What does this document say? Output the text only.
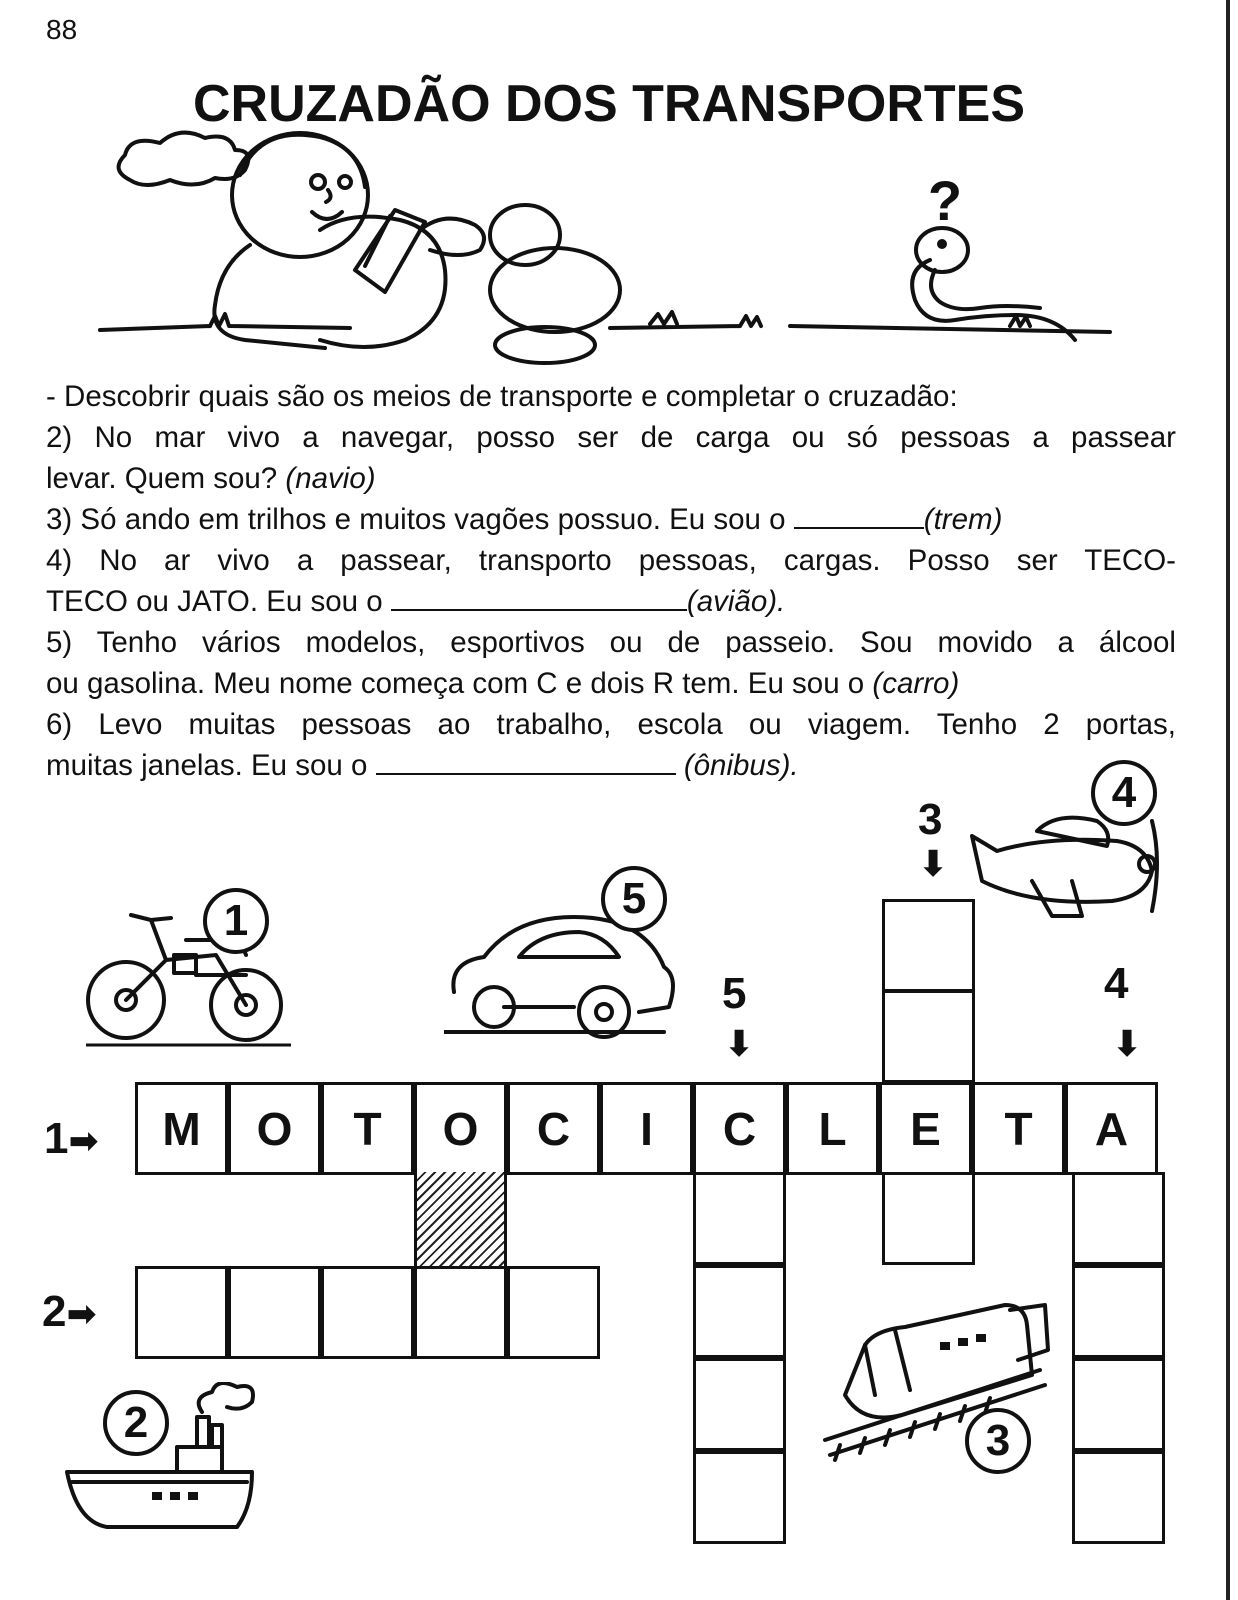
88
CRUZADÃO DOS TRANSPORTES
?
- Descobrir quais são os meios de transporte e completar o cruzadão:
2) No mar vivo a navegar, posso ser de carga ou só pessoas a passear
levar. Quem sou? (navio)
3) Só ando em trilhos e muitos vagões possuo. Eu sou o	(trem)
4) No ar vivo a passear, transporto pessoas, cargas. Posso ser TECO-
TECO ou JATO. Eu sou o	(avião).
5) Tenho vários modelos, esportivos ou de passeio. Sou movido a álcool
ou gasolina. Meu nome começa com C e dois R tem. Eu sou o (carro)
6) Levo muitas pessoas ao trabalho, escola ou viagem. Tenho 2 portas,
muitas janelas. Eu sou o	(ônibus).
M	O	T	O	C	I	C	L	E	T	A
1➡
2➡
3
⬇
5
⬇
4
⬇
1	5
4
2	3
